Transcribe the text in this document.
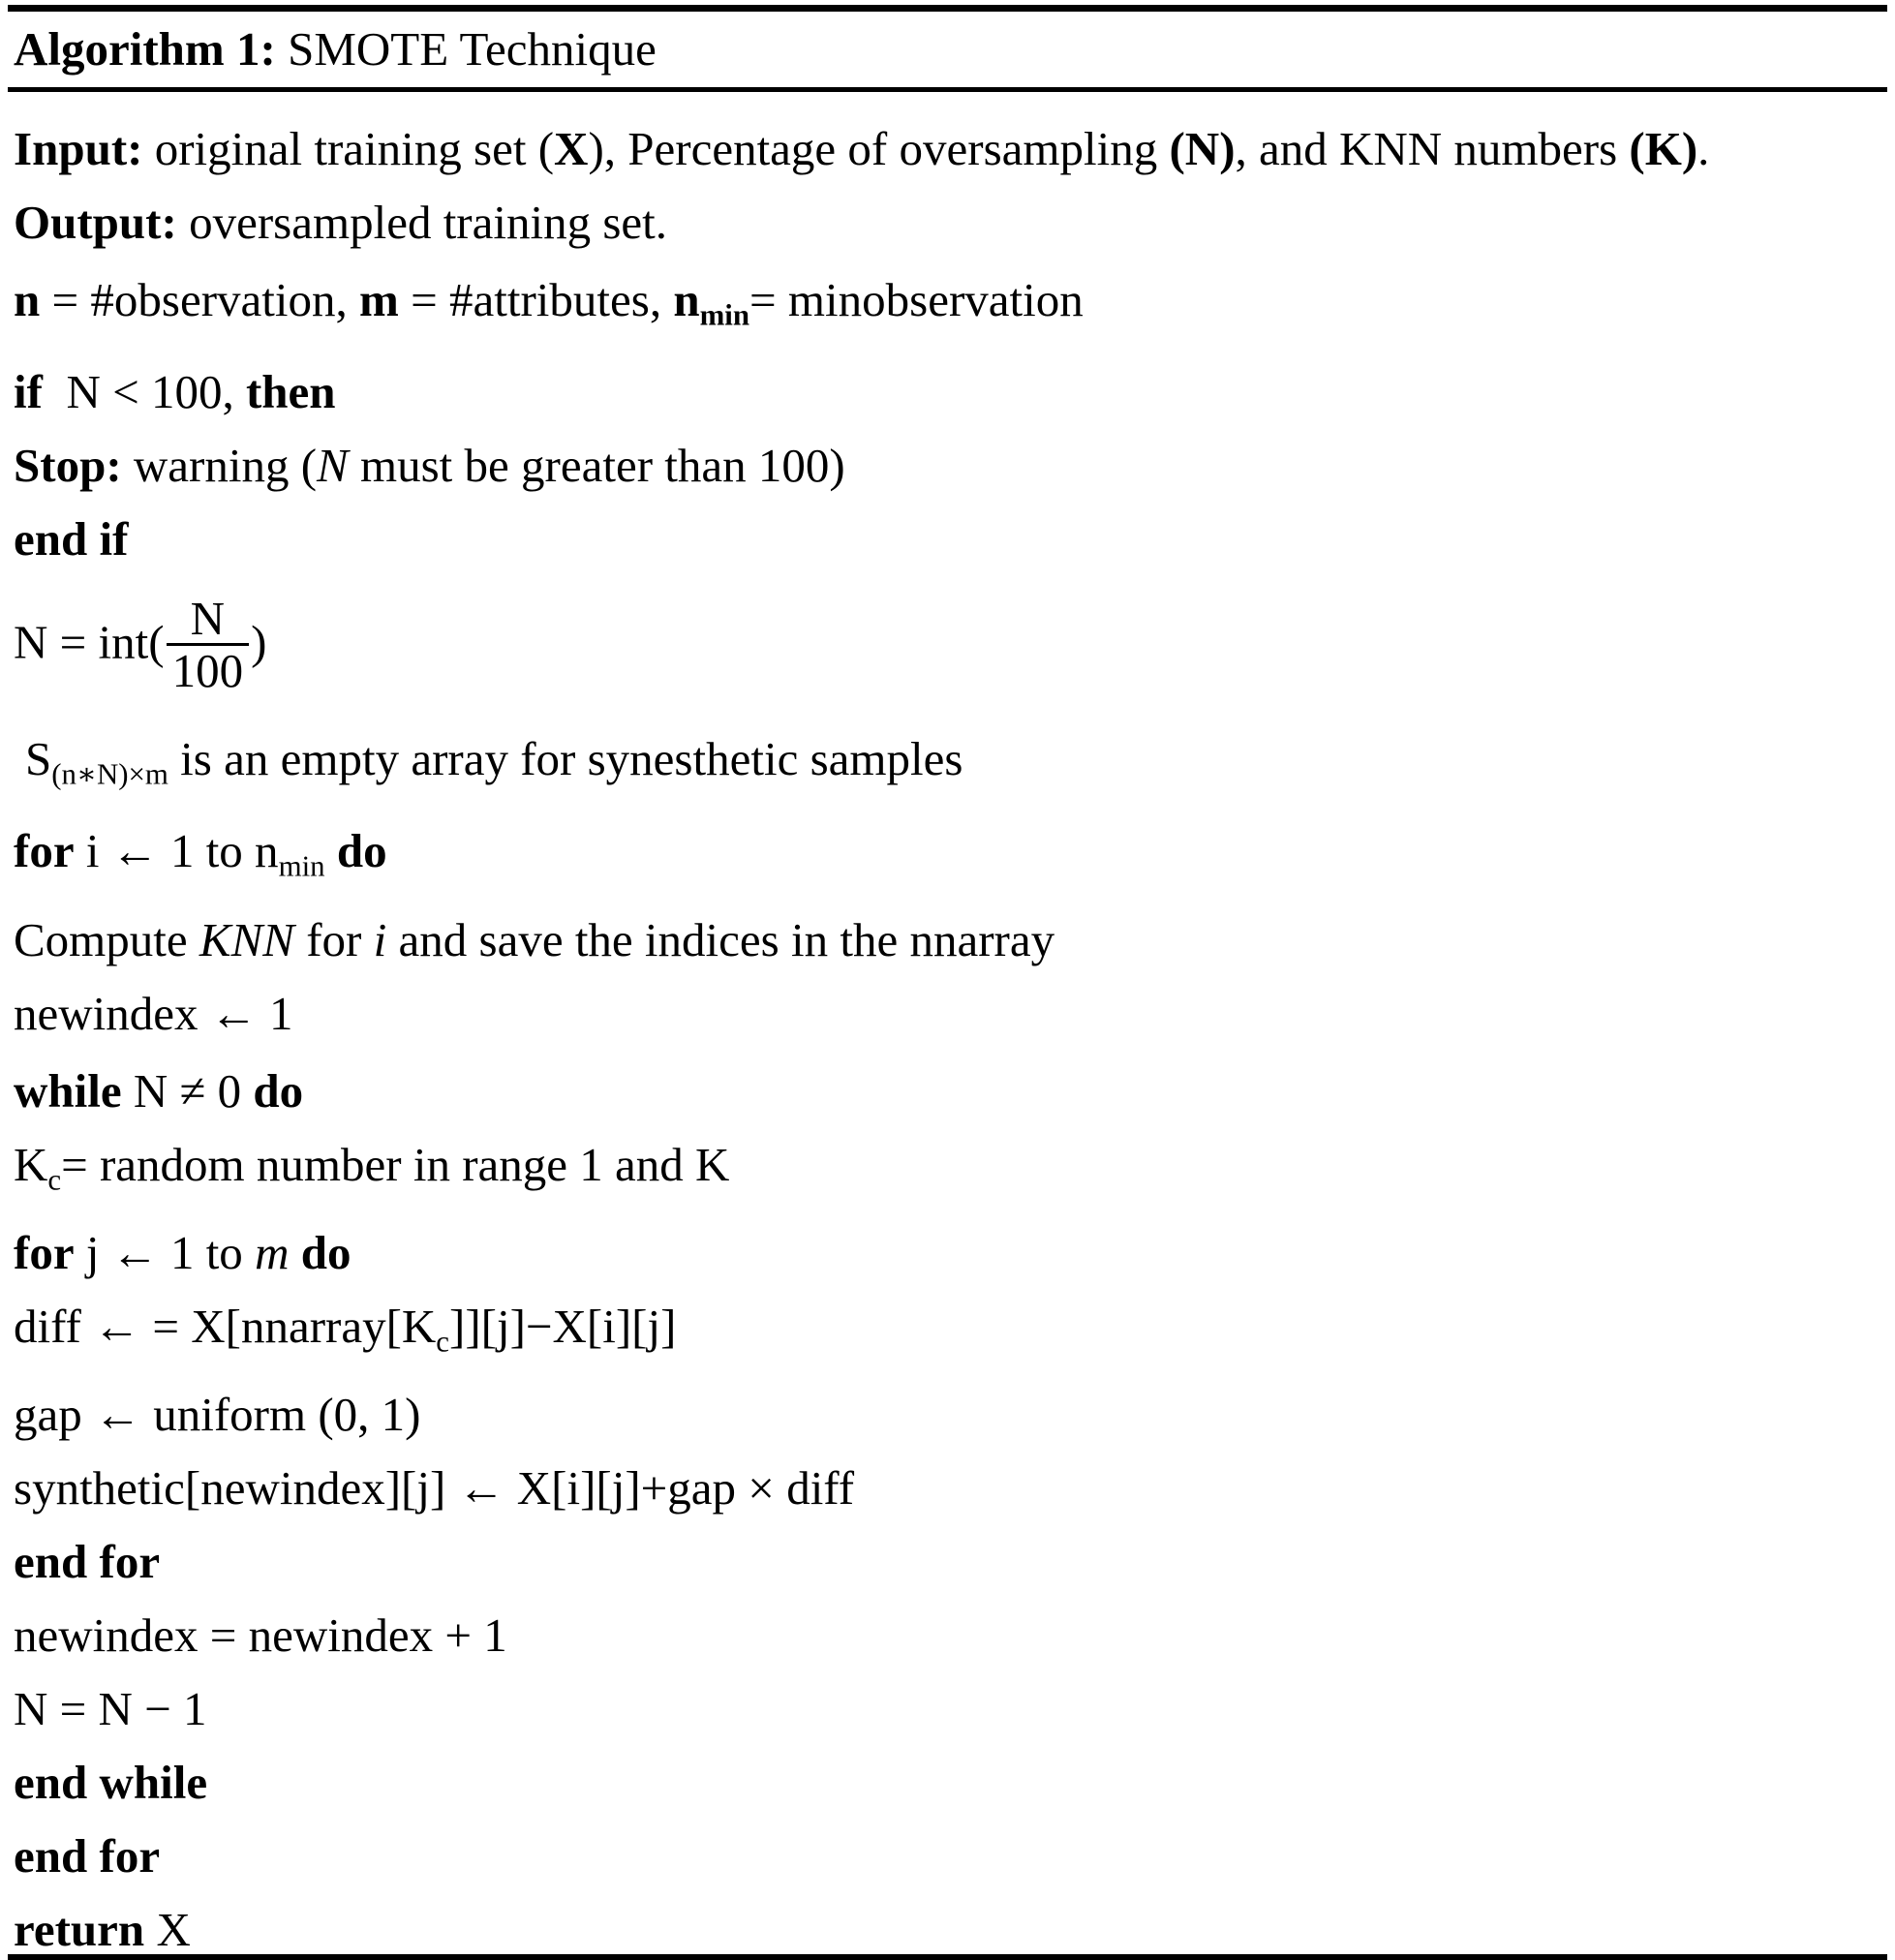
Algorithm 1: SMOTE Technique
Input: original training set (X), Percentage of oversampling (N), and KNN numbers (K).
Output: oversampled training set.
n = #observation, m = #attributes, nmin= minobservation
if N < 100, then
Stop: warning (N must be greater than 100)
end if
$N = int( \frac{N}{100}$ )
S(n∗N)×m is an empty array for synesthetic samples
for i ← 1 to $n_{min}$ do
Compute KNN for i and save the indices in the nnarray
newindex ← 1
while N ≠ 0 do
$K_c=$ random number in range 1 and K
for j ← 1 to m do
diff ← = $X[nnarray[K_c]][j]-X[i][j]$
gap ← uniform (0, 1)
synthetic[newindex][j] ← X[i][j]+gap × diff
end for
newindex = newindex + 1
N = N − 1
end while
end for
return X
